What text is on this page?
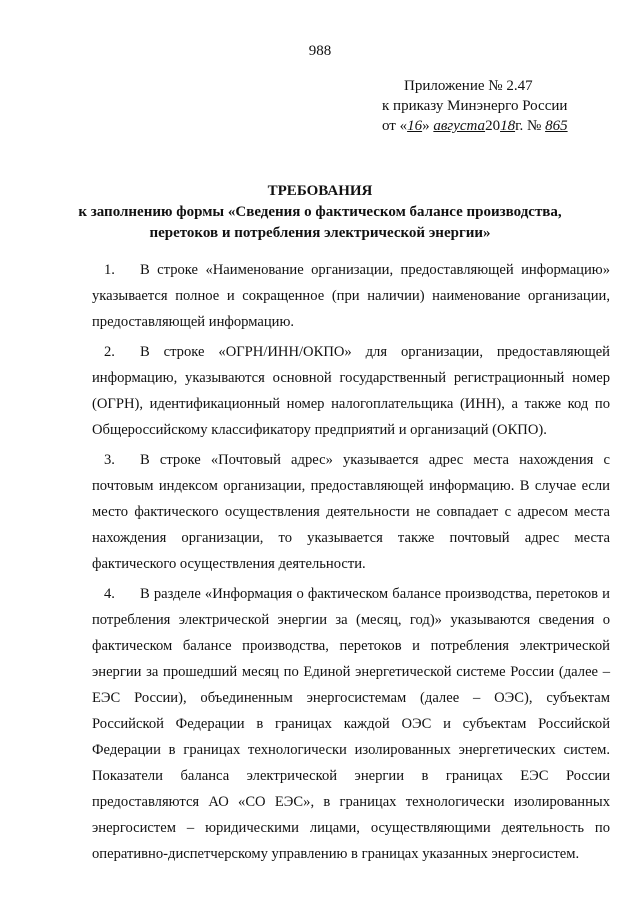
988
Приложение № 2.47
к приказу Минэнерго России
от «16» августа2018г. № 865
ТРЕБОВАНИЯ
к заполнению формы «Сведения о фактическом балансе производства,
перетоков и потребления электрической энергии»

1. В строке «Наименование организации, предоставляющей информацию» указывается полное и сокращенное (при наличии) наименование организации, предоставляющей информацию.

2. В строке «ОГРН/ИНН/ОКПО» для организации, предоставляющей информацию, указываются основной государственный регистрационный номер (ОГРН), идентификационный номер налогоплательщика (ИНН), а также код по Общероссийскому классификатору предприятий и организаций (ОКПО).

3. В строке «Почтовый адрес» указывается адрес места нахождения с почтовым индексом организации, предоставляющей информацию. В случае если место фактического осуществления деятельности не совпадает с адресом места нахождения организации, то указывается также почтовый адрес места фактического осуществления деятельности.

4. В разделе «Информация о фактическом балансе производства, перетоков и потребления электрической энергии за (месяц, год)» указываются сведения о фактическом балансе производства, перетоков и потребления электрической энергии за прошедший месяц по Единой энергетической системе России (далее – ЕЭС России), объединенным энергосистемам (далее – ОЭС), субъектам Российской Федерации в границах каждой ОЭС и субъектам Российской Федерации в границах технологически изолированных энергетических систем. Показатели баланса электрической энергии в границах ЕЭС России предоставляются АО «СО ЕЭС», в границах технологически изолированных энергосистем – юридическими лицами, осуществляющими деятельность по оперативно-диспетчерскому управлению в границах указанных энергосистем.
